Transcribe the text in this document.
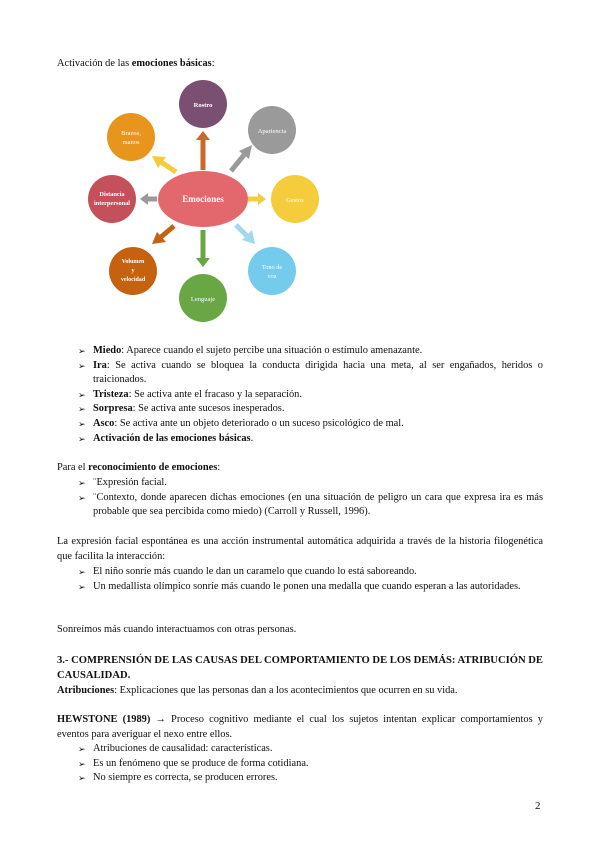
Activación de las emociones básicas:

Emociones
Rostro
Apariencia
Brazos,
manos
Gestos
Distancia
interpersonal
Tono de
voz
Volumen
y
velocidad
Lenguaje
➢ Miedo: Aparece cuando el sujeto percibe una situación o estímulo amenazante.
➢ Ira: Se activa cuando se bloquea la conducta dirigida hacia una meta, al ser engañados, heridos o traicionados.
➢ Tristeza: Se activa ante el fracaso y la separación.
➢ Sorpresa: Se activa ante sucesos inesperados.
➢ Asco: Se activa ante un objeto deteriorado o un suceso psicológico de mal.
➢ Activación de las emociones básicas.

Para el reconocimiento de emociones:

➢ ¨Expresión facial.
➢ ¨Contexto, donde aparecen dichas emociones (en una situación de peligro un cara que expresa ira es más probable que sea percibida como miedo) (Carroll y Russell, 1996).

La expresión facial espontánea es una acción instrumental automática adquirida a través de la historia filogenética que facilita la interacción:

➢ El niño sonríe más cuando le dan un caramelo que cuando lo está saboreando.
➢ Un medallista olímpico sonríe más cuando le ponen una medalla que cuando esperan a las autoridades.

Sonreímos más cuando interactuamos con otras personas.

3.- COMPRENSIÓN DE LAS CAUSAS DEL COMPORTAMIENTO DE LOS DEMÁS: ATRIBUCIÓN DE CAUSALIDAD.

Atribuciones: Explicaciones que las personas dan a los acontecimientos que ocurren en su vida.

HEWSTONE (1989) → Proceso cognitivo mediante el cual los sujetos intentan explicar comportamientos y eventos para averiguar el nexo entre ellos.

➢ Atribuciones de causalidad: características.
➢ Es un fenómeno que se produce de forma cotidiana.
➢ No siempre es correcta, se producen errores.
2
